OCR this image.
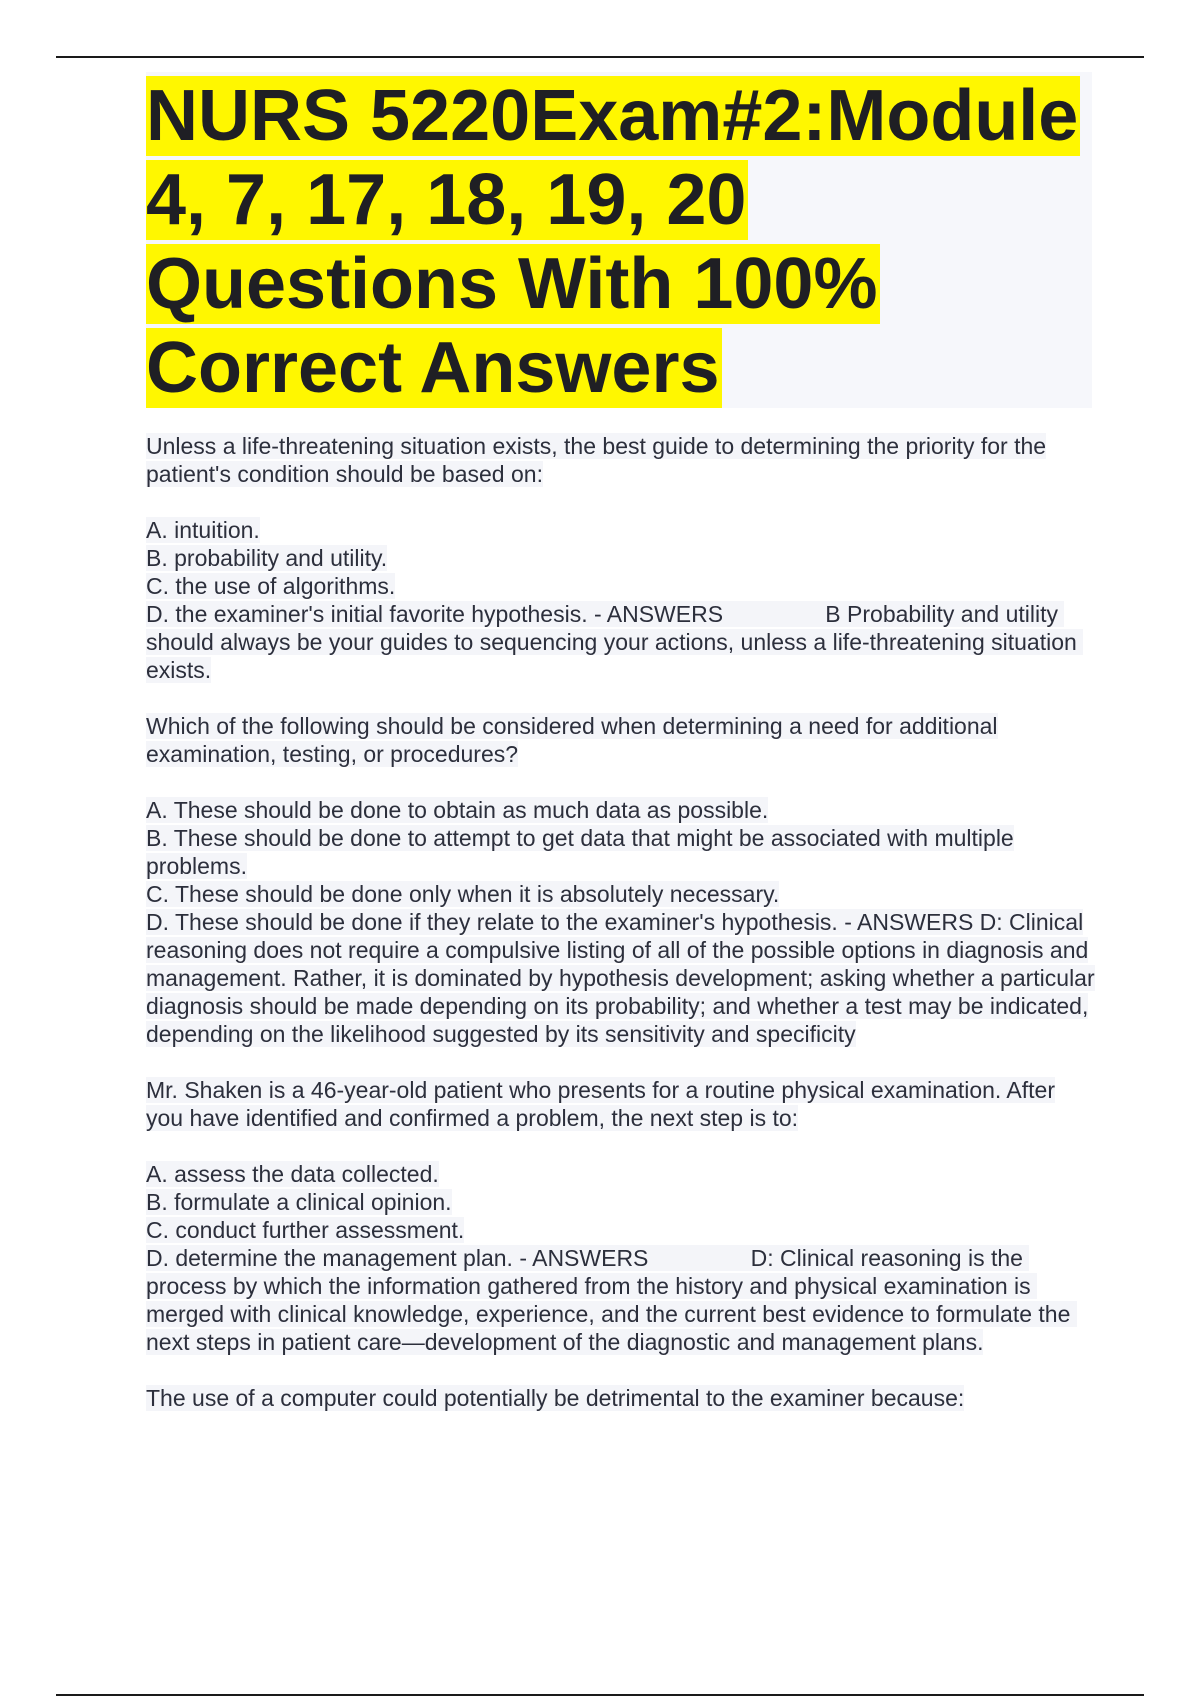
NURS 5220Exam#2:Module 4, 7, 17, 18, 19, 20 Questions With 100% Correct Answers

Unless a life-threatening situation exists, the best guide to determining the priority for the patient's condition should be based on:

A. intuition.

B. probability and utility.

C. the use of algorithms.

D. the examiner's initial favorite hypothesis. - ANSWERS                B Probability and utility should always be your guides to sequencing your actions, unless a life-threatening situation exists.

Which of the following should be considered when determining a need for additional examination, testing, or procedures?

A. These should be done to obtain as much data as possible.

B. These should be done to attempt to get data that might be associated with multiple problems.

C. These should be done only when it is absolutely necessary.

D. These should be done if they relate to the examiner's hypothesis. - ANSWERS D: Clinical reasoning does not require a compulsive listing of all of the possible options in diagnosis and management. Rather, it is dominated by hypothesis development; asking whether a particular diagnosis should be made depending on its probability; and whether a test may be indicated, depending on the likelihood suggested by its sensitivity and specificity

Mr. Shaken is a 46-year-old patient who presents for a routine physical examination. After you have identified and confirmed a problem, the next step is to:

A. assess the data collected.

B. formulate a clinical opinion.

C. conduct further assessment.

D. determine the management plan. - ANSWERS                D: Clinical reasoning is the process by which the information gathered from the history and physical examination is merged with clinical knowledge, experience, and the current best evidence to formulate the next steps in patient care—development of the diagnostic and management plans.

The use of a computer could potentially be detrimental to the examiner because:
